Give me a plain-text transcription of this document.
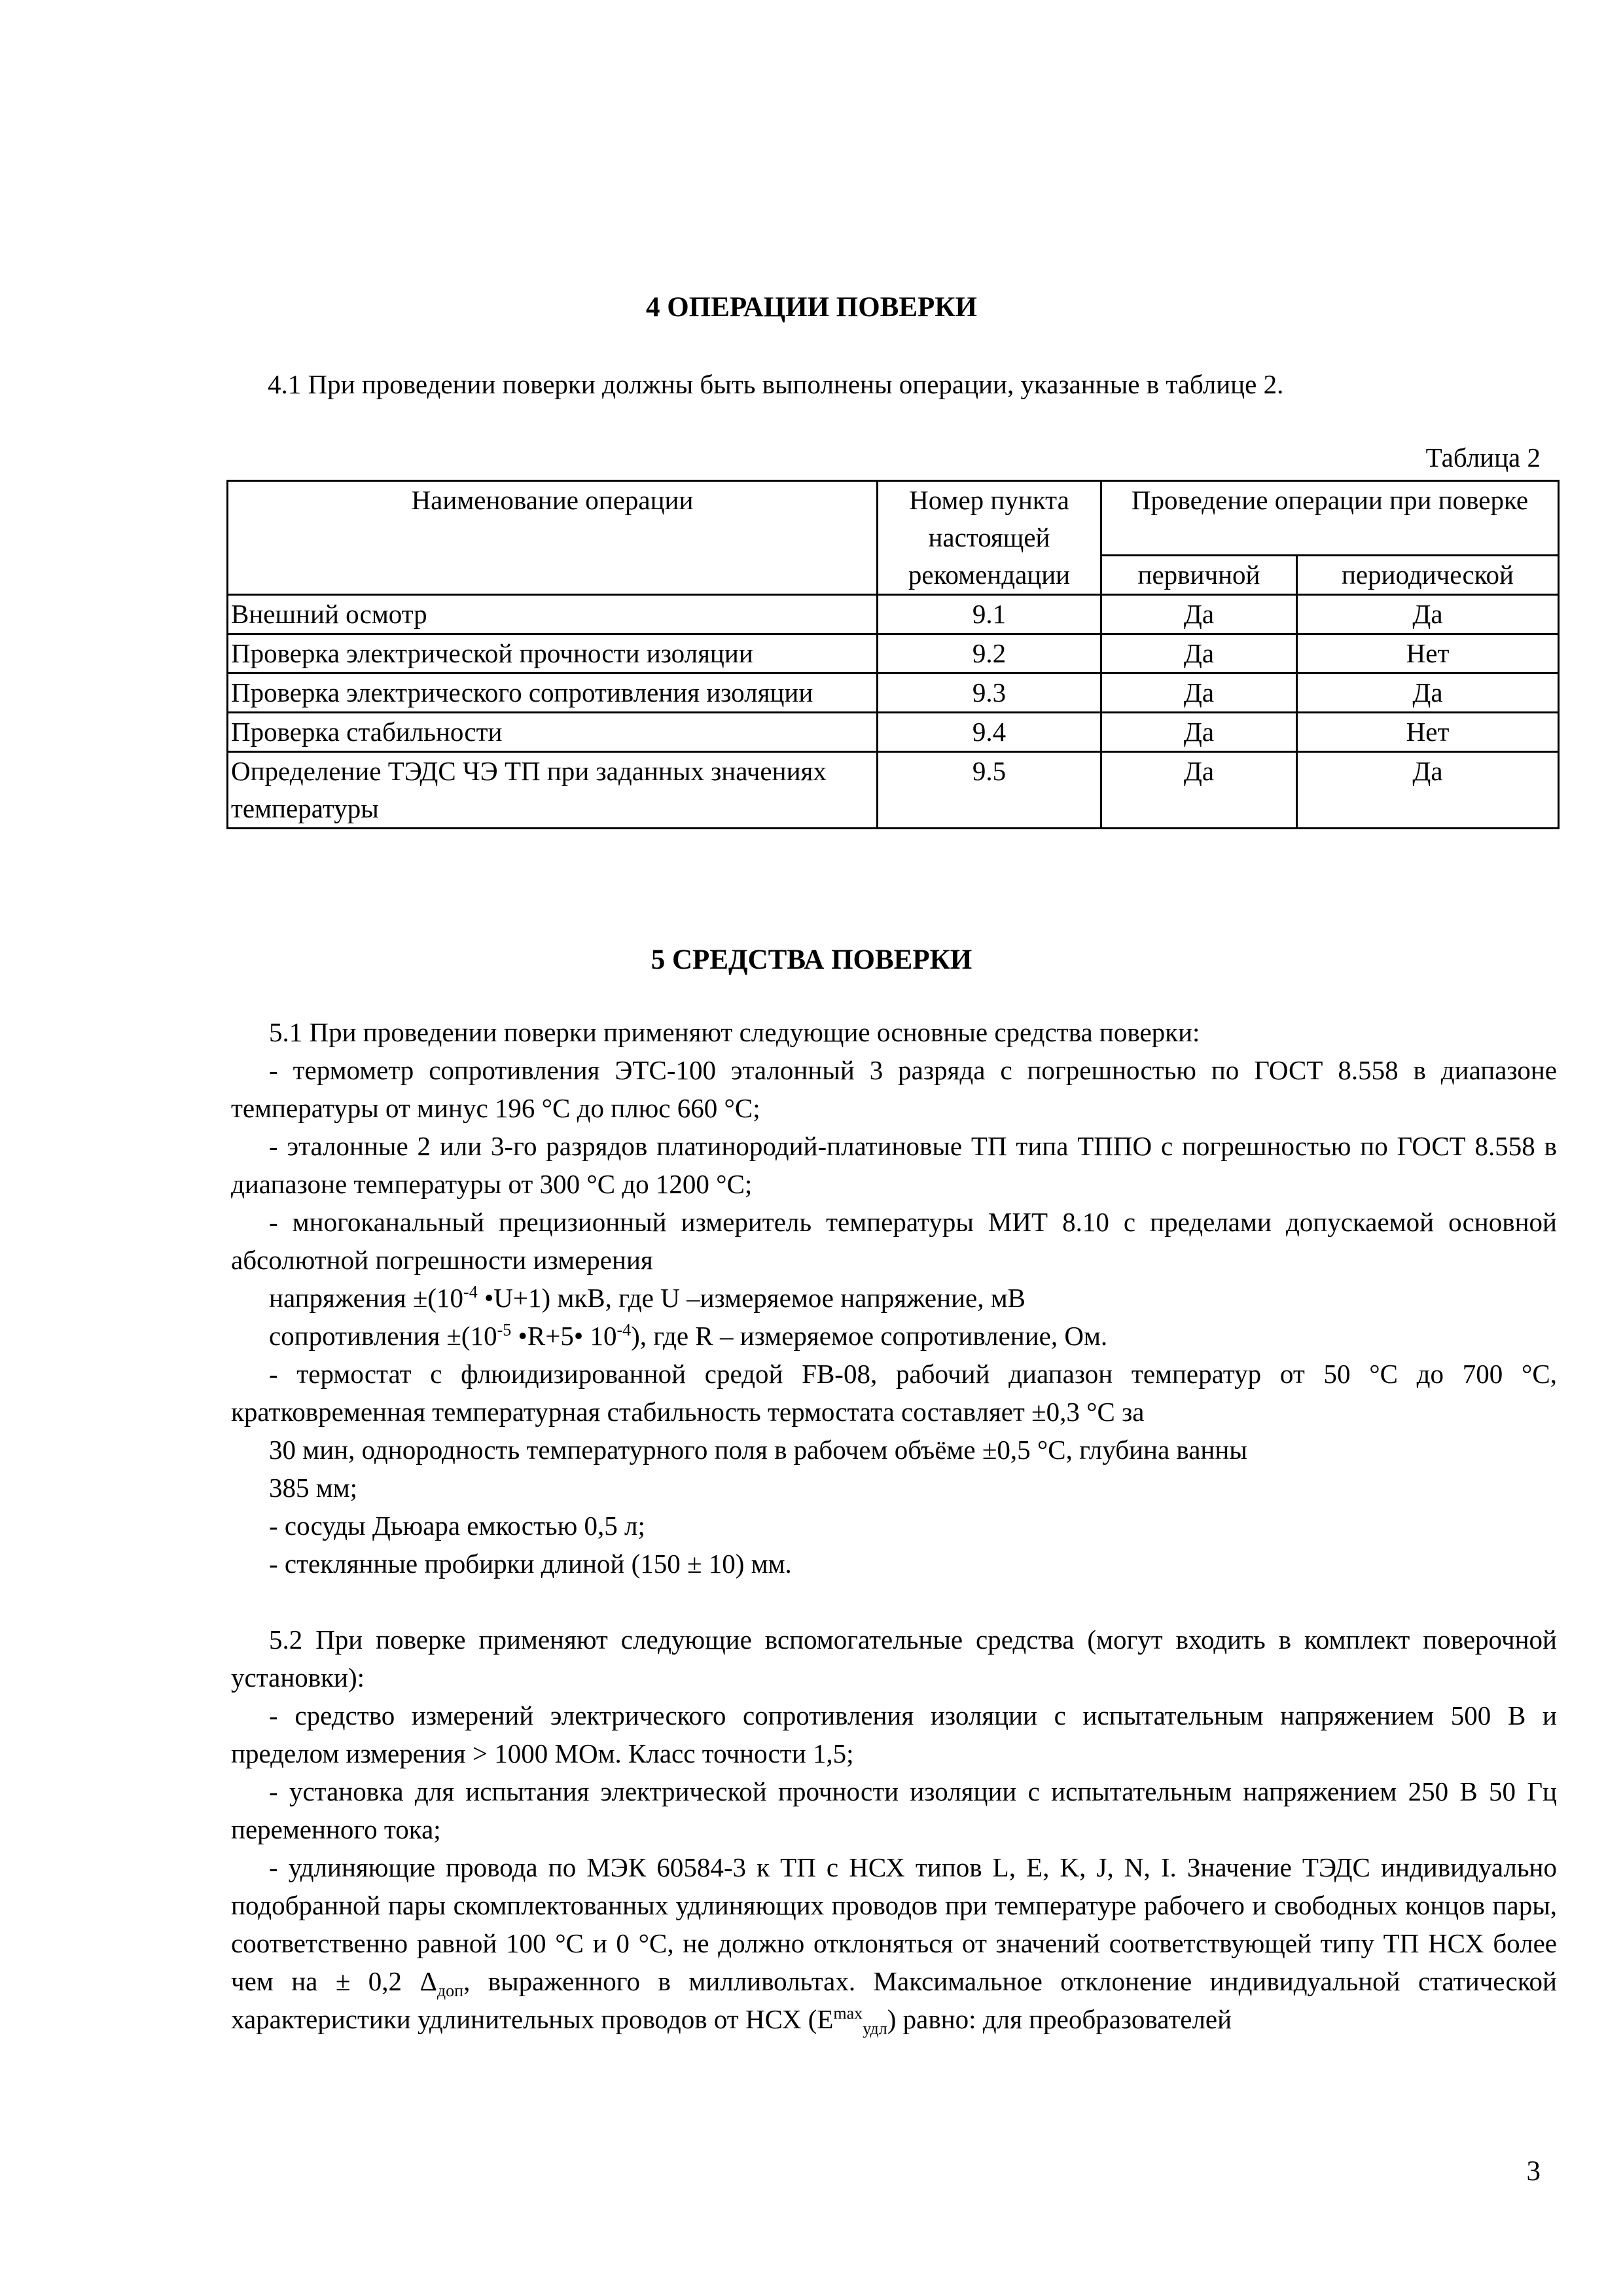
4 ОПЕРАЦИИ ПОВЕРКИ
4.1 При проведении поверки должны быть выполнены операции, указанные в таблице 2.
Таблица 2
Наименование операции	Номер пункта настоящей рекомендации	Проведение операции при поверке	
		первичной	периодической
Внешний осмотр	9.1	Да	Да
Проверка электрической прочности изоляции	9.2	Да	Нет
Проверка электрического сопротивления изоляции	9.3	Да	Да
Проверка стабильности	9.4	Да	Нет
Определение ТЭДС ЧЭ ТП при заданных значениях температуры	9.5	Да	Да
5 СРЕДСТВА ПОВЕРКИ

5.1 При проведении поверки применяют следующие основные средства поверки:

- термометр сопротивления ЭТС-100 эталонный 3 разряда с погрешностью по ГОСТ 8.558 в диапазоне температуры от минус 196 °С до плюс 660 °С;

- эталонные 2 или 3-го разрядов платинородий-платиновые ТП типа ТППО с погрешностью по ГОСТ 8.558 в диапазоне температуры от 300 °С до 1200 °С;

- многоканальный прецизионный измеритель температуры МИТ 8.10 с пределами допускаемой основной абсолютной погрешности измерения

напряжения $\pm(10^{-4}$ •U+1) мкВ, где U –измеряемое напряжение, мВ

сопротивления $\pm(10^{-5}$ •R+5• $10^{-4}$), где R – измеряемое сопротивление, Ом.

- термостат с флюидизированной средой FB-08, рабочий диапазон температур от 50 °С до 700 °С, кратковременная температурная стабильность термостата составляет ±0,3 °С за

30 мин, однородность температурного поля в рабочем объёме ±0,5 °С, глубина ванны

385 мм;

- сосуды Дьюара емкостью 0,5 л;

- стеклянные пробирки длиной (150 ± 10) мм.

5.2 При поверке применяют следующие вспомогательные средства (могут входить в комплект поверочной установки):

- средство измерений электрического сопротивления изоляции с испытательным напряжением 500 В и пределом измерения > 1000 МОм. Класс точности 1,5;

- установка для испытания электрической прочности изоляции с испытательным напряжением 250 В 50 Гц переменного тока;

- удлиняющие провода по МЭК 60584-3 к ТП с НСХ типов L, E, K, J, N, I. Значение ТЭДС индивидуально подобранной пары скомплектованных удлиняющих проводов при температуре рабочего и свободных концов пары, соответственно равной 100 °С и 0 °С, не должно отклоняться от значений соответствующей типу ТП НСХ более чем на ± 0,2 $\Delta_{доп}$, выраженного в милливольтах. Максимальное отклонение индивидуальной статической характеристики удлинительных проводов от НСХ $(E^{max}_{удл})$ равно: для преобразователей

3
